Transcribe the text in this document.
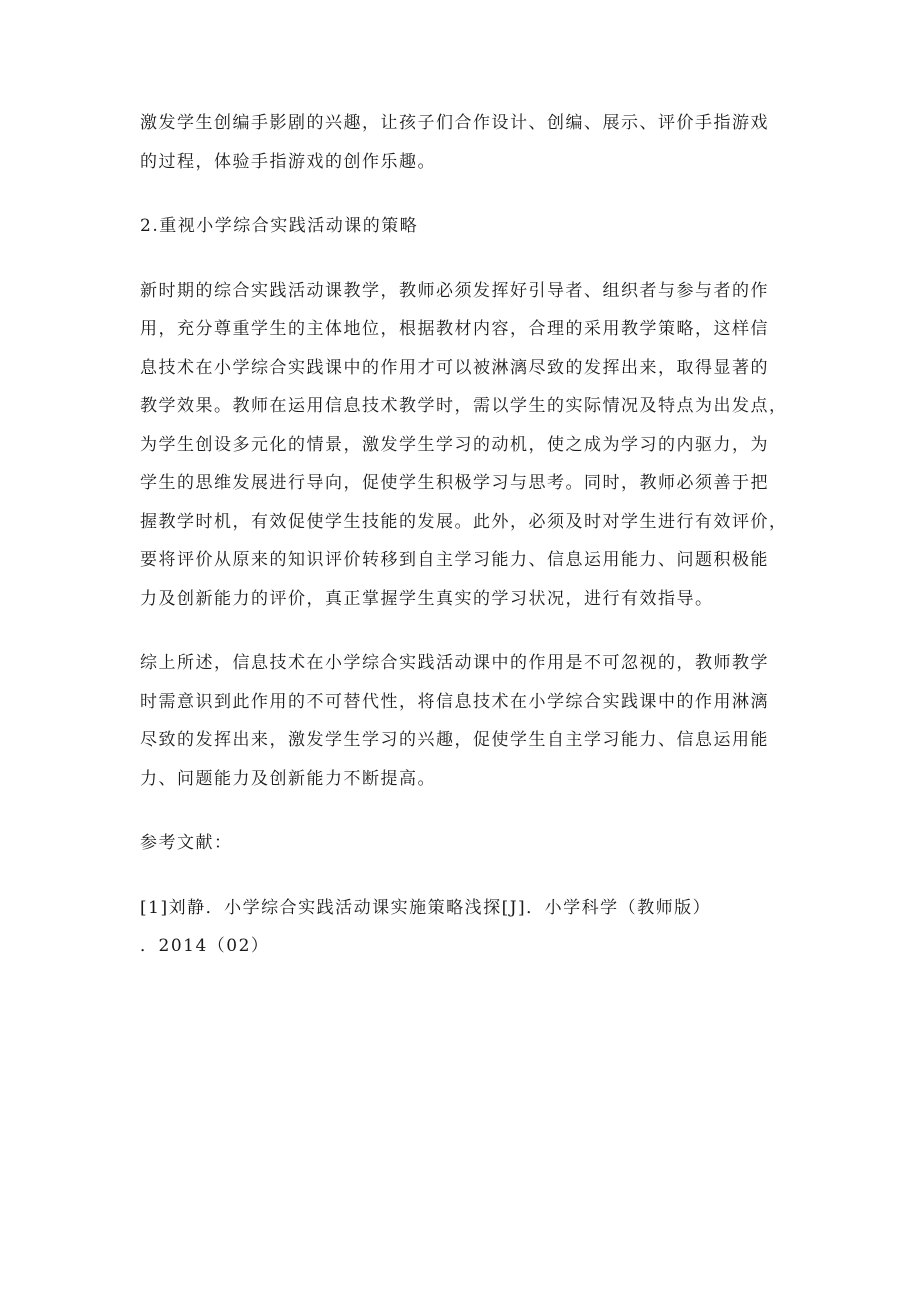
激发学生创编手影剧的兴趣，让孩子们合作设计、创编、展示、评价手指游戏
的过程，体验手指游戏的创作乐趣。
2.重视小学综合实践活动课的策略
新时期的综合实践活动课教学，教师必须发挥好引导者、组织者与参与者的作
用，充分尊重学生的主体地位，根据教材内容，合理的采用教学策略，这样信
息技术在小学综合实践课中的作用才可以被淋漓尽致的发挥出来，取得显著的
教学效果。教师在运用信息技术教学时，需以学生的实际情况及特点为出发点，
为学生创设多元化的情景，激发学生学习的动机，使之成为学习的内驱力，为
学生的思维发展进行导向，促使学生积极学习与思考。同时，教师必须善于把
握教学时机，有效促使学生技能的发展。此外，必须及时对学生进行有效评价，
要将评价从原来的知识评价转移到自主学习能力、信息运用能力、问题积极能
力及创新能力的评价，真正掌握学生真实的学习状况，进行有效指导。
综上所述，信息技术在小学综合实践活动课中的作用是不可忽视的，教师教学
时需意识到此作用的不可替代性，将信息技术在小学综合实践课中的作用淋漓
尽致的发挥出来，激发学生学习的兴趣，促使学生自主学习能力、信息运用能
力、问题能力及创新能力不断提高。
参考文献：
[1]刘静．小学综合实践活动课实施策略浅探[J]．小学科学（教师版）
．2014（02）
